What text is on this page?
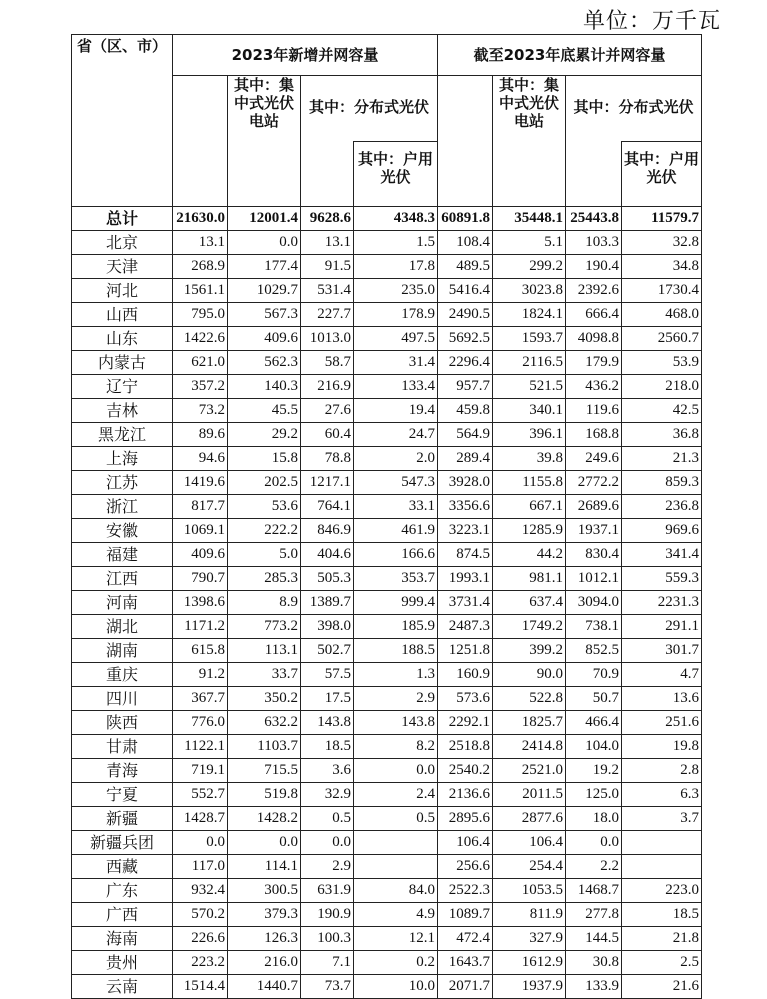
单位：万千瓦
省（区、市）	2023年新增并网容量				截至2023年底累计并网容量			
		其中：集中式光伏电站	其中：分布式光伏			其中：集中式光伏电站	其中：分布式光伏	
				其中：户用光伏				其中：户用光伏
总计	21630.0	12001.4	9628.6	4348.3	60891.8	35448.1	25443.8	11579.7
北京	13.1	0.0	13.1	1.5	108.4	5.1	103.3	32.8
天津	268.9	177.4	91.5	17.8	489.5	299.2	190.4	34.8
河北	1561.1	1029.7	531.4	235.0	5416.4	3023.8	2392.6	1730.4
山西	795.0	567.3	227.7	178.9	2490.5	1824.1	666.4	468.0
山东	1422.6	409.6	1013.0	497.5	5692.5	1593.7	4098.8	2560.7
内蒙古	621.0	562.3	58.7	31.4	2296.4	2116.5	179.9	53.9
辽宁	357.2	140.3	216.9	133.4	957.7	521.5	436.2	218.0
吉林	73.2	45.5	27.6	19.4	459.8	340.1	119.6	42.5
黑龙江	89.6	29.2	60.4	24.7	564.9	396.1	168.8	36.8
上海	94.6	15.8	78.8	2.0	289.4	39.8	249.6	21.3
江苏	1419.6	202.5	1217.1	547.3	3928.0	1155.8	2772.2	859.3
浙江	817.7	53.6	764.1	33.1	3356.6	667.1	2689.6	236.8
安徽	1069.1	222.2	846.9	461.9	3223.1	1285.9	1937.1	969.6
福建	409.6	5.0	404.6	166.6	874.5	44.2	830.4	341.4
江西	790.7	285.3	505.3	353.7	1993.1	981.1	1012.1	559.3
河南	1398.6	8.9	1389.7	999.4	3731.4	637.4	3094.0	2231.3
湖北	1171.2	773.2	398.0	185.9	2487.3	1749.2	738.1	291.1
湖南	615.8	113.1	502.7	188.5	1251.8	399.2	852.5	301.7
重庆	91.2	33.7	57.5	1.3	160.9	90.0	70.9	4.7
四川	367.7	350.2	17.5	2.9	573.6	522.8	50.7	13.6
陕西	776.0	632.2	143.8	143.8	2292.1	1825.7	466.4	251.6
甘肃	1122.1	1103.7	18.5	8.2	2518.8	2414.8	104.0	19.8
青海	719.1	715.5	3.6	0.0	2540.2	2521.0	19.2	2.8
宁夏	552.7	519.8	32.9	2.4	2136.6	2011.5	125.0	6.3
新疆	1428.7	1428.2	0.5	0.5	2895.6	2877.6	18.0	3.7
新疆兵团	0.0	0.0	0.0		106.4	106.4	0.0	
西藏	117.0	114.1	2.9		256.6	254.4	2.2	
广东	932.4	300.5	631.9	84.0	2522.3	1053.5	1468.7	223.0
广西	570.2	379.3	190.9	4.9	1089.7	811.9	277.8	18.5
海南	226.6	126.3	100.3	12.1	472.4	327.9	144.5	21.8
贵州	223.2	216.0	7.1	0.2	1643.7	1612.9	30.8	2.5
云南	1514.4	1440.7	73.7	10.0	2071.7	1937.9	133.9	21.6
